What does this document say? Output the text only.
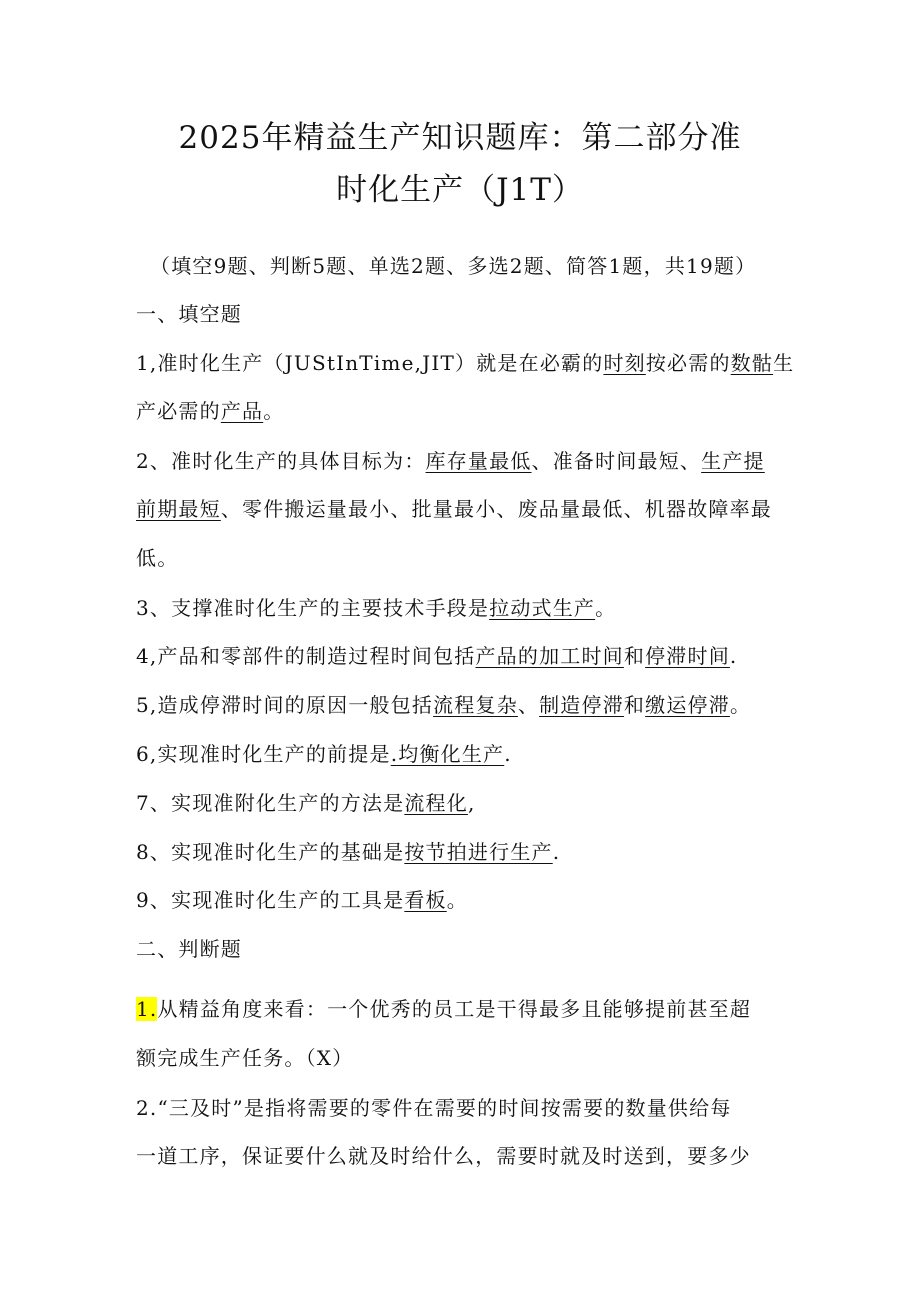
2025年精益生产知识题库：第二部分准
时化生产（J1T）
（填空9题、判断5题、单选2题、多选2题、简答1题，共19题）
一、填空题
1,准时化生产（JUStInTime,JIT）就是在必霸的时刻按必需的数骷生
产必需的产品。
2、准时化生产的具体目标为：库存量最低、准备时间最短、生产提
前期最短、零件搬运量最小、批量最小、废品量最低、机器故障率最
低。
3、支撑准时化生产的主要技术手段是拉动式生产。
4,产品和零部件的制造过程时间包括产品的加工时间和停滞时间.
5,造成停滞时间的原因一般包括流程复杂、制造停滞和缴运停滞。
6,实现准时化生产的前提是.均衡化生产.
7、实现准附化生产的方法是流程化,
8、实现准时化生产的基础是按节拍进行生产.
9、实现准时化生产的工具是看板。
二、判断题
1.从精益角度来看：一个优秀的员工是干得最多且能够提前甚至超
额完成生产任务。（X）
2.“三及时”是指将需要的零件在需要的时间按需要的数量供给每
一道工序，保证要什么就及时给什么，需要时就及时送到，要多少
